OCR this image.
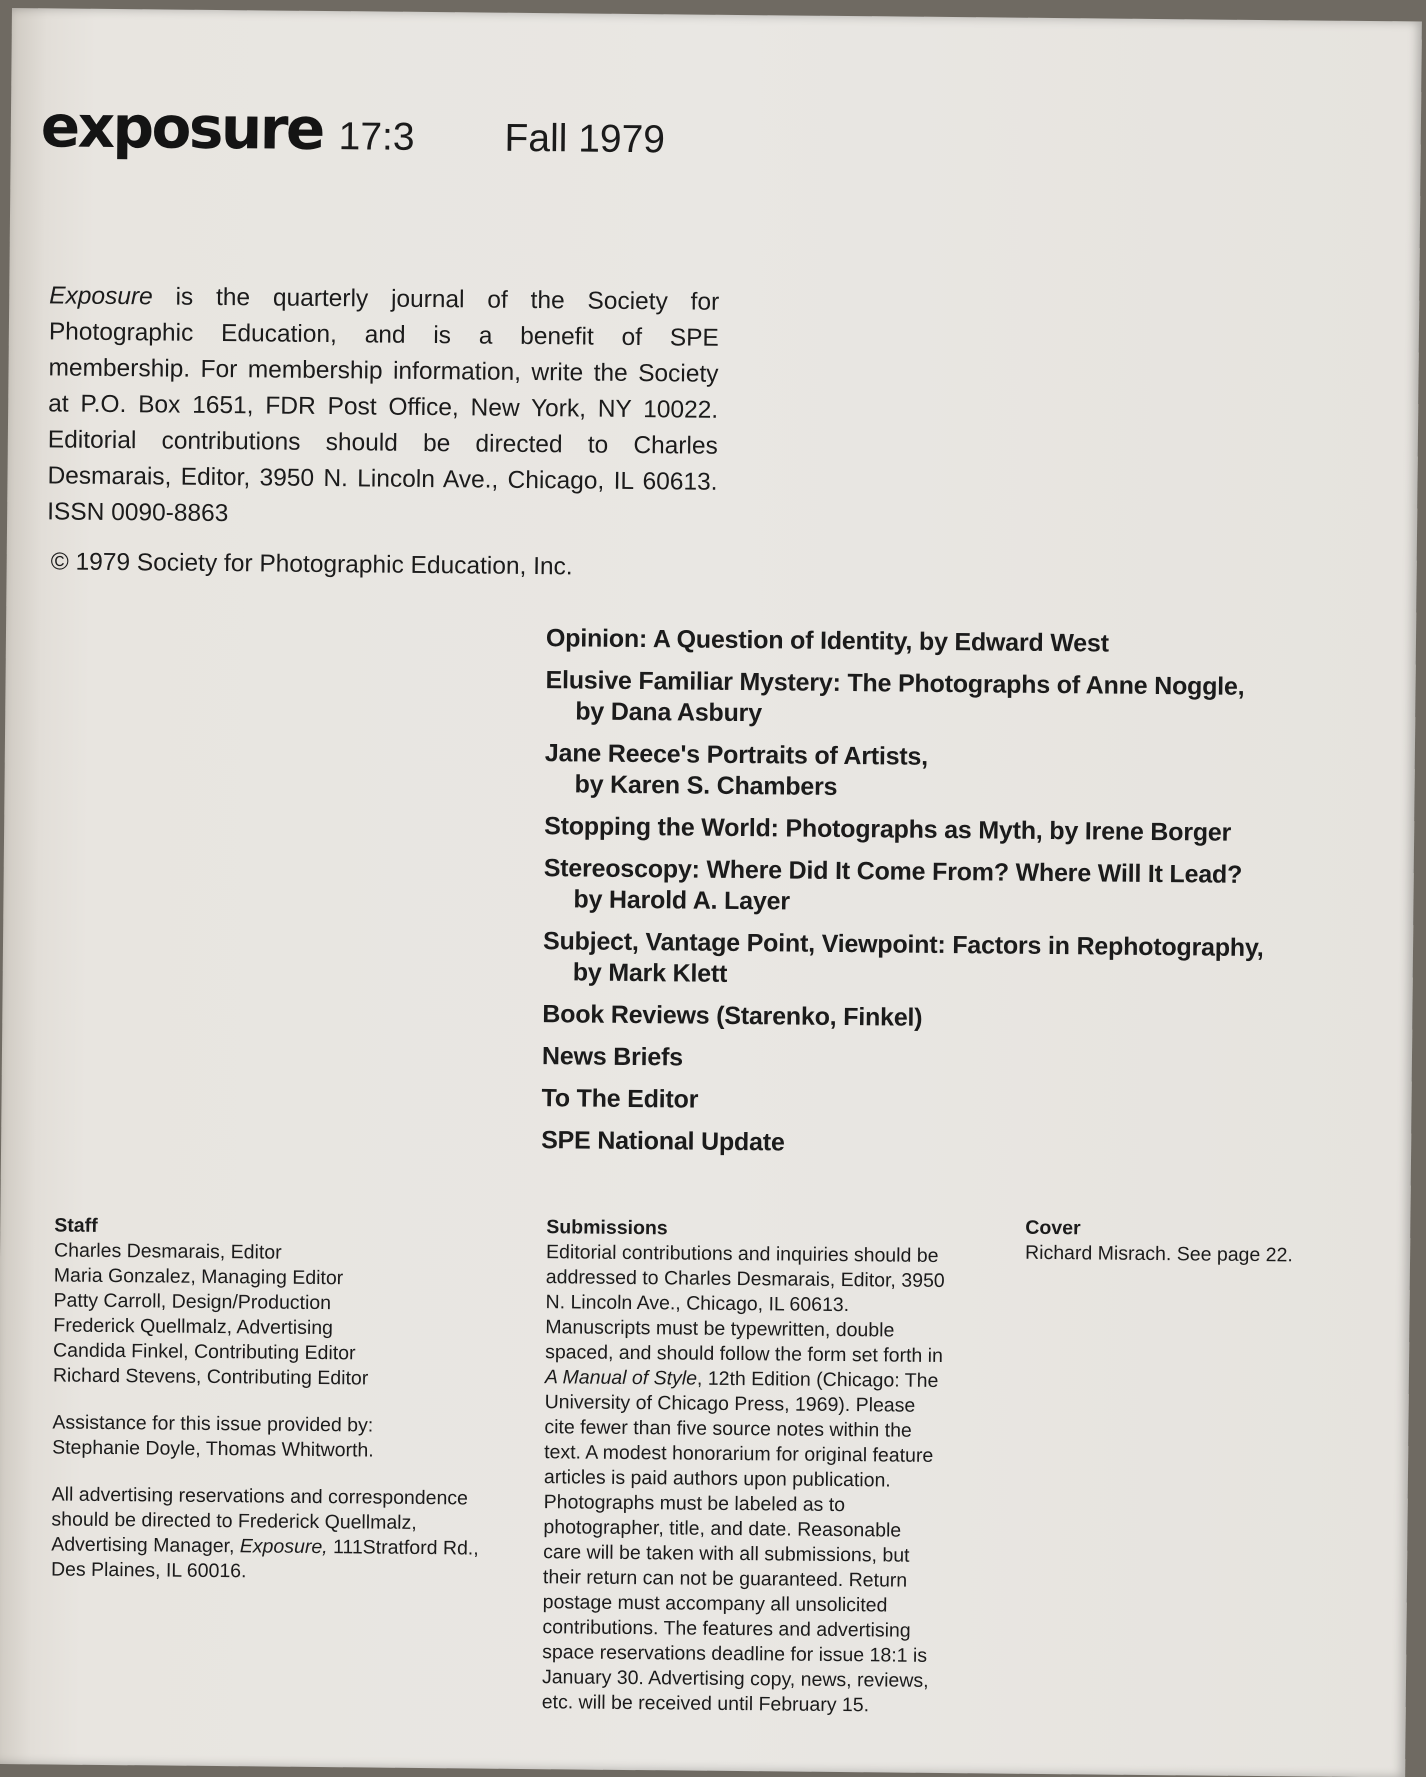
exposure 17:3 Fall 1979

Exposure is the quarterly journal of the Society for Photographic Education, and is a benefit of SPE membership. For membership information, write the Society at P.O. Box 1651, FDR Post Office, New York, NY 10022. Editorial contributions should be directed to Charles Desmarais, Editor, 3950 N. Lincoln Ave., Chicago, IL 60613. ISSN 0090-8863

© 1979 Society for Photographic Education, Inc.
Opinion: A Question of Identity, by Edward West
Elusive Familiar Mystery: The Photographs of Anne Noggle,
by Dana Asbury
Jane Reece's Portraits of Artists,
by Karen S. Chambers
Stopping the World: Photographs as Myth, by Irene Borger
Stereoscopy: Where Did It Come From? Where Will It Lead?
by Harold A. Layer
Subject, Vantage Point, Viewpoint: Factors in Rephotography,
by Mark Klett
Book Reviews (Starenko, Finkel)
News Briefs
To The Editor
SPE National Update
Staff
Charles Desmarais, Editor
Maria Gonzalez, Managing Editor
Patty Carroll, Design/Production
Frederick Quellmalz, Advertising
Candida Finkel, Contributing Editor
Richard Stevens, Contributing Editor

Assistance for this issue provided by:
Stephanie Doyle, Thomas Whitworth.

All advertising reservations and correspondence should be directed to Frederick Quellmalz, Advertising Manager, Exposure, 111Stratford Rd., Des Plaines, IL 60016.

Submissions

Editorial contributions and inquiries should be addressed to Charles Desmarais, Editor, 3950 N. Lincoln Ave., Chicago, IL 60613. Manuscripts must be typewritten, double spaced, and should follow the form set forth in A Manual of Style, 12th Edition (Chicago: The University of Chicago Press, 1969). Please cite fewer than five source notes within the text. A modest honorarium for original feature articles is paid authors upon publication. Photographs must be labeled as to photographer, title, and date. Reasonable care will be taken with all submissions, but their return can not be guaranteed. Return postage must accompany all unsolicited contributions. The features and advertising space reservations deadline for issue 18:1 is January 30. Advertising copy, news, reviews, etc. will be received until February 15.

Cover

Richard Misrach. See page 22.
